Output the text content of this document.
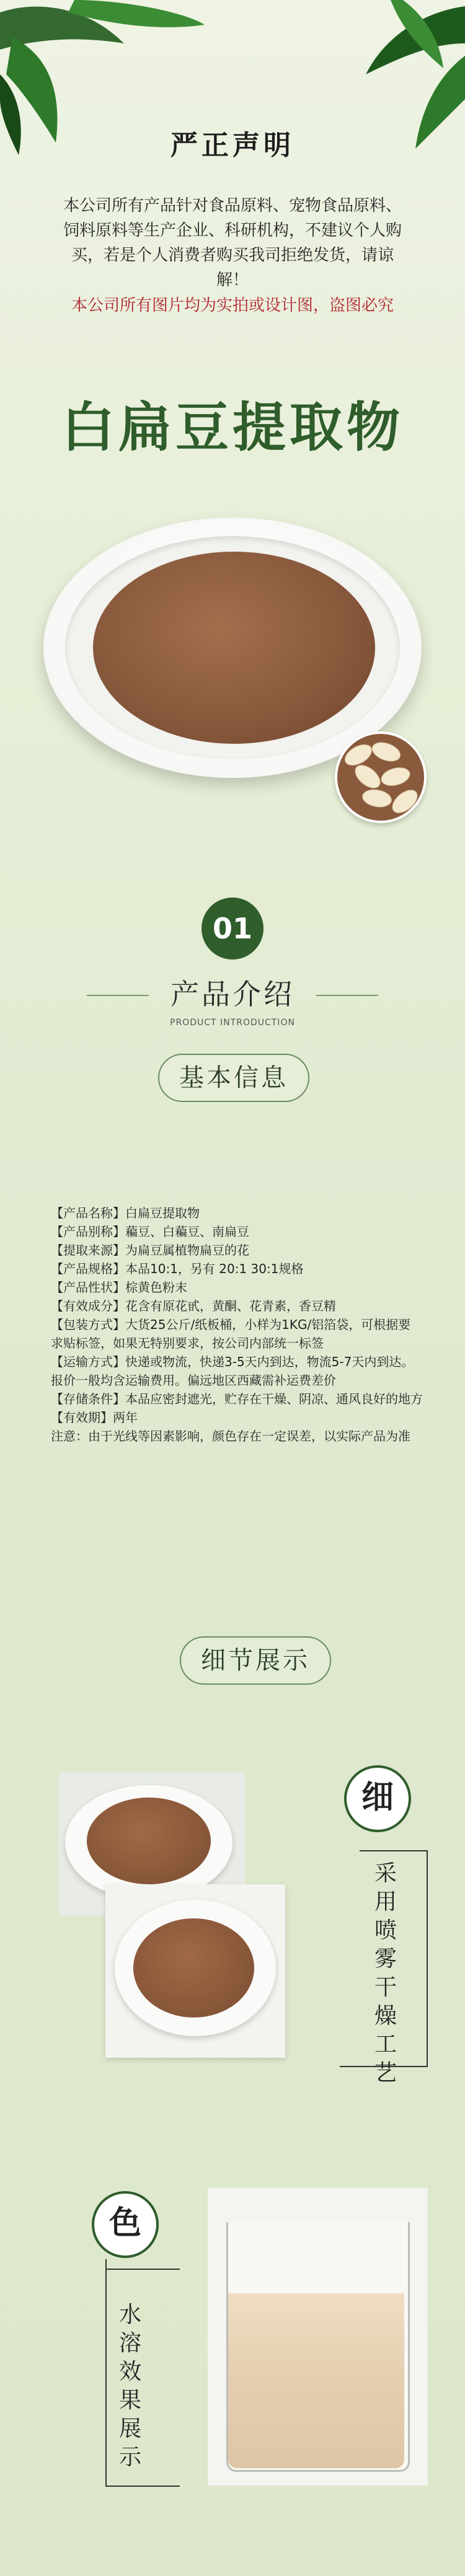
严正声明
本公司所有产品针对食品原料、宠物食品原料、饲料原料等生产企业、科研机构，不建议个人购买，若是个人消费者购买我司拒绝发货，请谅解！
本公司所有图片均为实拍或设计图，盗图必究
白扁豆提取物
01
产品介绍
PRODUCT INTRODUCTION
基本信息
【产品名称】白扁豆提取物
【产品别称】藊豆、白藊豆、南扁豆
【提取来源】为扁豆属植物扁豆的花
【产品规格】本品10:1，另有 20:1 30:1规格
【产品性状】棕黄色粉末
【有效成分】花含有原花甙，黄酮、花青素，香豆精
【包装方式】大货25公斤/纸板桶，小样为1KG/铝箔袋，可根据要求贴标签，如果无特别要求，按公司内部统一标签
【运输方式】快递或物流，快递3-5天内到达，物流5-7天内到达。报价一般均含运输费用。偏远地区西藏需补运费差价
【存储条件】本品应密封遮光，贮存在干燥、阴凉、通风良好的地方
【有效期】两年
注意：由于光线等因素影响，颜色存在一定误差，以实际产品为准
细节展示
细
采用喷雾干燥工艺
色
水溶效果展示
